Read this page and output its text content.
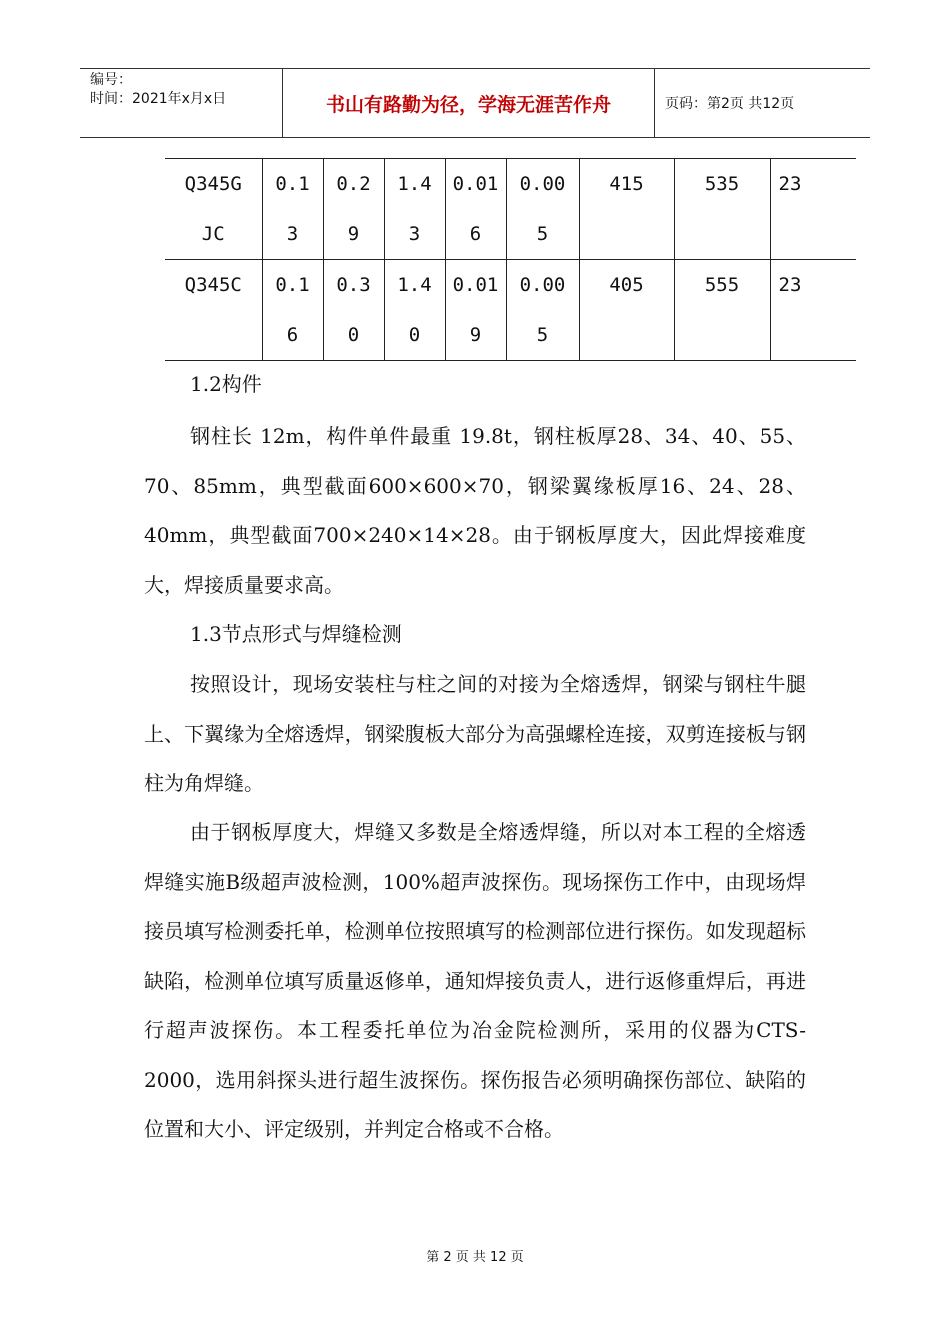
编号：
时间：2021年x月x日	书山有路勤为径，学海无涯苦作舟	页码：第2页 共12页
Q345GJC	0.13	0.29	1.43	0.016	0.005	415	535	23
Q345C	0.16	0.30	1.40	0.019	0.005	405	555	23
1.2构件
钢柱长 12m，构件单件最重 19.8t，钢柱板厚28、34、40、55、70、85mm，典型截面600×600×70，钢梁翼缘板厚16、24、28、40mm，典型截面700×240×14×28。由于钢板厚度大，因此焊接难度大，焊接质量要求高。
1.3节点形式与焊缝检测
按照设计，现场安装柱与柱之间的对接为全熔透焊，钢梁与钢柱牛腿上、下翼缘为全熔透焊，钢梁腹板大部分为高强螺栓连接，双剪连接板与钢柱为角焊缝。
由于钢板厚度大，焊缝又多数是全熔透焊缝，所以对本工程的全熔透焊缝实施B级超声波检测，100%超声波探伤。现场探伤工作中，由现场焊接员填写检测委托单，检测单位按照填写的检测部位进行探伤。如发现超标缺陷，检测单位填写质量返修单，通知焊接负责人，进行返修重焊后，再进行超声波探伤。本工程委托单位为冶金院检测所，采用的仪器为CTS-2000，选用斜探头进行超生波探伤。探伤报告必须明确探伤部位、缺陷的位置和大小、评定级别，并判定合格或不合格。
第 2 页 共 12 页
